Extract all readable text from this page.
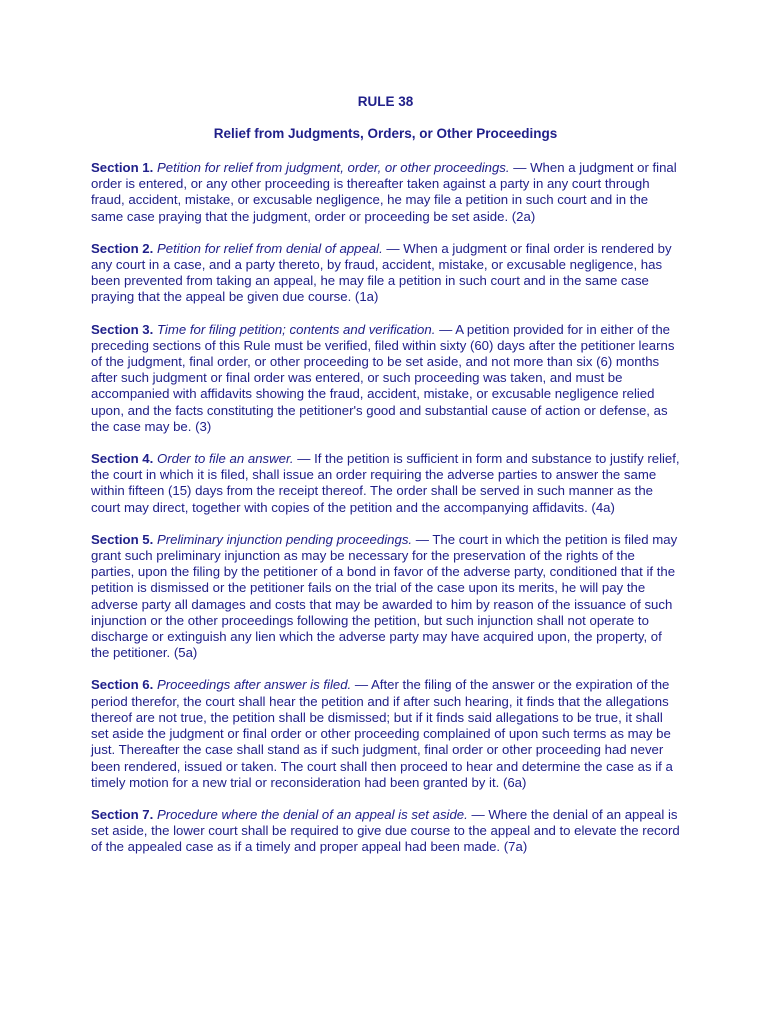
RULE 38
Relief from Judgments, Orders, or Other Proceedings

Section 1. Petition for relief from judgment, order, or other proceedings. — When a judgment or final order is entered, or any other proceeding is thereafter taken against a party in any court through fraud, accident, mistake, or excusable negligence, he may file a petition in such court and in the same case praying that the judgment, order or proceeding be set aside. (2a)

Section 2. Petition for relief from denial of appeal. — When a judgment or final order is rendered by any court in a case, and a party thereto, by fraud, accident, mistake, or excusable negligence, has been prevented from taking an appeal, he may file a petition in such court and in the same case praying that the appeal be given due course. (1a)

Section 3. Time for filing petition; contents and verification. — A petition provided for in either of the preceding sections of this Rule must be verified, filed within sixty (60) days after the petitioner learns of the judgment, final order, or other proceeding to be set aside, and not more than six (6) months after such judgment or final order was entered, or such proceeding was taken, and must be accompanied with affidavits showing the fraud, accident, mistake, or excusable negligence relied upon, and the facts constituting the petitioner's good and substantial cause of action or defense, as the case may be. (3)

Section 4. Order to file an answer. — If the petition is sufficient in form and substance to justify relief, the court in which it is filed, shall issue an order requiring the adverse parties to answer the same within fifteen (15) days from the receipt thereof. The order shall be served in such manner as the court may direct, together with copies of the petition and the accompanying affidavits. (4a)

Section 5. Preliminary injunction pending proceedings. — The court in which the petition is filed may grant such preliminary injunction as may be necessary for the preservation of the rights of the parties, upon the filing by the petitioner of a bond in favor of the adverse party, conditioned that if the petition is dismissed or the petitioner fails on the trial of the case upon its merits, he will pay the adverse party all damages and costs that may be awarded to him by reason of the issuance of such injunction or the other proceedings following the petition, but such injunction shall not operate to discharge or extinguish any lien which the adverse party may have acquired upon, the property, of the petitioner. (5a)

Section 6. Proceedings after answer is filed. — After the filing of the answer or the expiration of the period therefor, the court shall hear the petition and if after such hearing, it finds that the allegations thereof are not true, the petition shall be dismissed; but if it finds said allegations to be true, it shall set aside the judgment or final order or other proceeding complained of upon such terms as may be just. Thereafter the case shall stand as if such judgment, final order or other proceeding had never been rendered, issued or taken. The court shall then proceed to hear and determine the case as if a timely motion for a new trial or reconsideration had been granted by it. (6a)

Section 7. Procedure where the denial of an appeal is set aside. — Where the denial of an appeal is set aside, the lower court shall be required to give due course to the appeal and to elevate the record of the appealed case as if a timely and proper appeal had been made. (7a)
